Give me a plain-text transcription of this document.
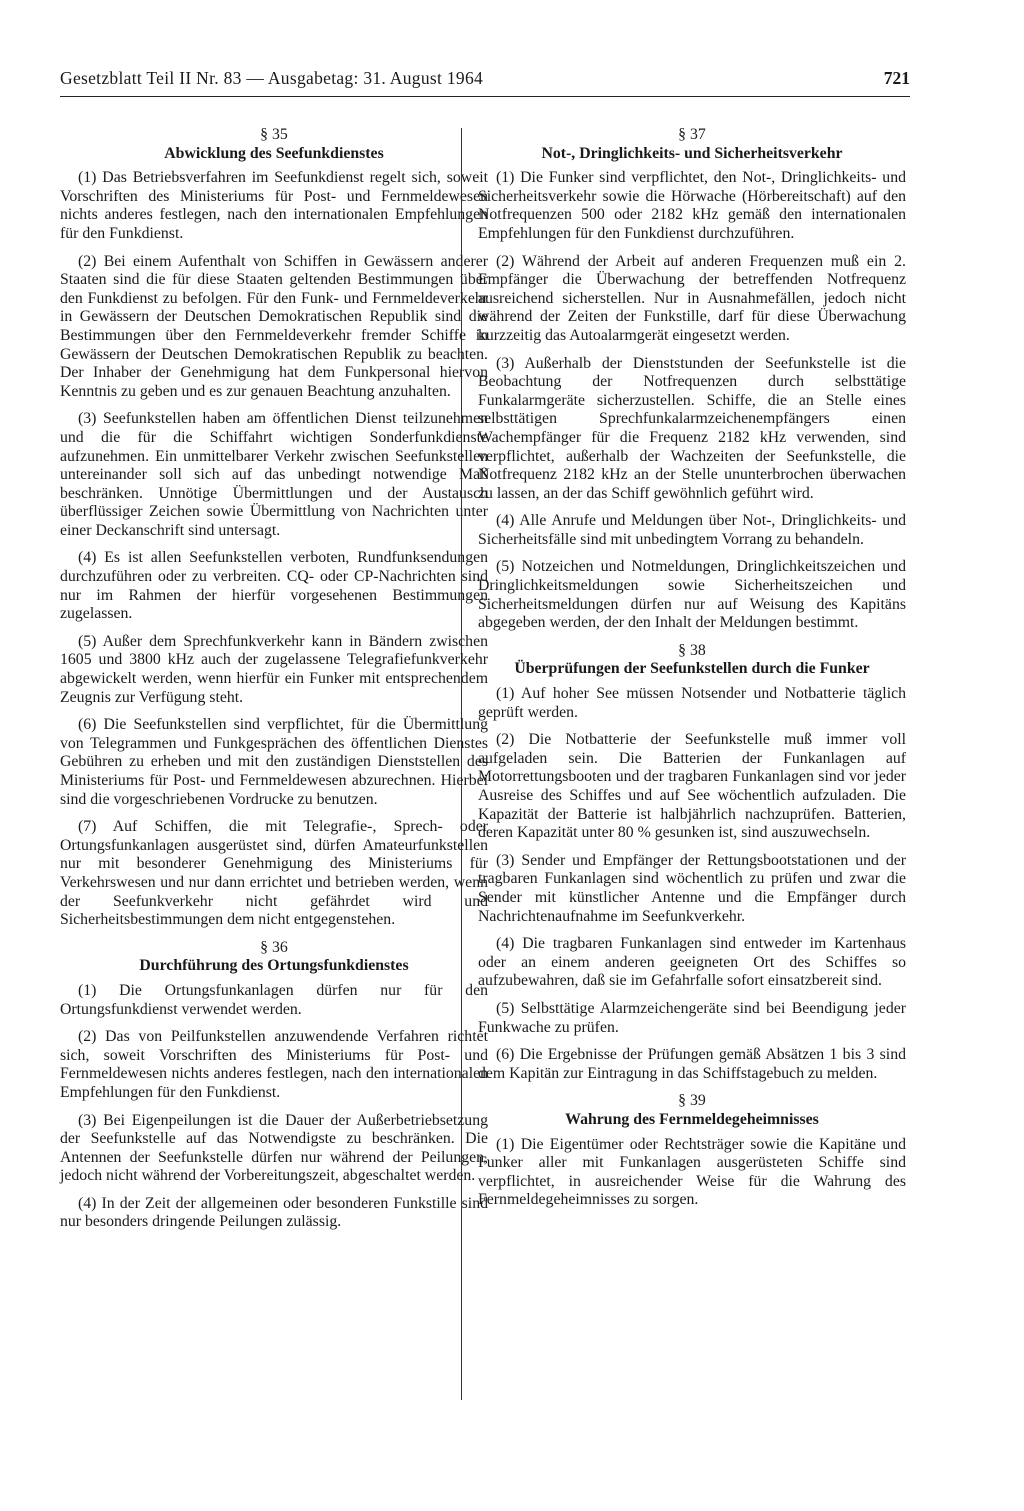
Gesetzblatt Teil II Nr. 83 — Ausgabetag: 31. August 1964	721

§ 35

Abwicklung des Seefunkdienstes

(1) Das Betriebsverfahren im Seefunkdienst regelt sich, soweit Vorschriften des Ministeriums für Post- und Fernmeldewesen nichts anderes festlegen, nach den internationalen Empfehlungen für den Funkdienst.

(2) Bei einem Aufenthalt von Schiffen in Gewässern anderer Staaten sind die für diese Staaten geltenden Bestimmungen über den Funkdienst zu befolgen. Für den Funk- und Fernmeldeverkehr in Gewässern der Deutschen Demokratischen Republik sind die Bestimmungen über den Fernmeldeverkehr fremder Schiffe in Gewässern der Deutschen Demokratischen Republik zu beachten. Der Inhaber der Genehmigung hat dem Funkpersonal hiervon Kenntnis zu geben und es zur genauen Beachtung anzuhalten.

(3) Seefunkstellen haben am öffentlichen Dienst teilzunehmen und die für die Schiffahrt wichtigen Sonderfunkdienste aufzunehmen. Ein unmittelbarer Verkehr zwischen Seefunkstellen untereinander soll sich auf das unbedingt notwendige Maß beschränken. Unnötige Übermittlungen und der Austausch überflüssiger Zeichen sowie Übermittlung von Nachrichten unter einer Deckanschrift sind untersagt.

(4) Es ist allen Seefunkstellen verboten, Rundfunksendungen durchzuführen oder zu verbreiten. CQ- oder CP-Nachrichten sind nur im Rahmen der hierfür vorgesehenen Bestimmungen zugelassen.

(5) Außer dem Sprechfunkverkehr kann in Bändern zwischen 1605 und 3800 kHz auch der zugelassene Telegrafiefunkverkehr abgewickelt werden, wenn hierfür ein Funker mit entsprechendem Zeugnis zur Verfügung steht.

(6) Die Seefunkstellen sind verpflichtet, für die Übermittlung von Telegrammen und Funkgesprächen des öffentlichen Dienstes Gebühren zu erheben und mit den zuständigen Dienststellen des Ministeriums für Post- und Fernmeldewesen abzurechnen. Hierbei sind die vorgeschriebenen Vordrucke zu benutzen.

(7) Auf Schiffen, die mit Telegrafie-, Sprech- oder Ortungsfunkanlagen ausgerüstet sind, dürfen Amateurfunkstellen nur mit besonderer Genehmigung des Ministeriums für Verkehrswesen und nur dann errichtet und betrieben werden, wenn der Seefunkverkehr nicht gefährdet wird und Sicherheitsbestimmungen dem nicht entgegenstehen.

§ 36

Durchführung des Ortungsfunkdienstes

(1) Die Ortungsfunkanlagen dürfen nur für den Ortungsfunkdienst verwendet werden.

(2) Das von Peilfunkstellen anzuwendende Verfahren richtet sich, soweit Vorschriften des Ministeriums für Post- und Fernmeldewesen nichts anderes festlegen, nach den internationalen Empfehlungen für den Funkdienst.

(3) Bei Eigenpeilungen ist die Dauer der Außerbetriebsetzung der Seefunkstelle auf das Notwendigste zu beschränken. Die Antennen der Seefunkstelle dürfen nur während der Peilungen, jedoch nicht während der Vorbereitungszeit, abgeschaltet werden.

(4) In der Zeit der allgemeinen oder besonderen Funkstille sind nur besonders dringende Peilungen zulässig.

§ 37

Not-, Dringlichkeits- und Sicherheitsverkehr

(1) Die Funker sind verpflichtet, den Not-, Dringlichkeits- und Sicherheitsverkehr sowie die Hörwache (Hörbereitschaft) auf den Notfrequenzen 500 oder 2182 kHz gemäß den internationalen Empfehlungen für den Funkdienst durchzuführen.

(2) Während der Arbeit auf anderen Frequenzen muß ein 2. Empfänger die Überwachung der betreffenden Notfrequenz ausreichend sicherstellen. Nur in Ausnahmefällen, jedoch nicht während der Zeiten der Funkstille, darf für diese Überwachung kurzzeitig das Autoalarmgerät eingesetzt werden.

(3) Außerhalb der Dienststunden der Seefunkstelle ist die Beobachtung der Notfrequenzen durch selbsttätige Funkalarmgeräte sicherzustellen. Schiffe, die an Stelle eines selbsttätigen Sprechfunkalarmzeichenempfängers einen Wachempfänger für die Frequenz 2182 kHz verwenden, sind verpflichtet, außerhalb der Wachzeiten der Seefunkstelle, die Notfrequenz 2182 kHz an der Stelle ununterbrochen überwachen zu lassen, an der das Schiff gewöhnlich geführt wird.

(4) Alle Anrufe und Meldungen über Not-, Dringlichkeits- und Sicherheitsfälle sind mit unbedingtem Vorrang zu behandeln.

(5) Notzeichen und Notmeldungen, Dringlichkeitszeichen und Dringlichkeitsmeldungen sowie Sicherheitszeichen und Sicherheitsmeldungen dürfen nur auf Weisung des Kapitäns abgegeben werden, der den Inhalt der Meldungen bestimmt.

§ 38

Überprüfungen der Seefunkstellen durch die Funker

(1) Auf hoher See müssen Notsender und Notbatterie täglich geprüft werden.

(2) Die Notbatterie der Seefunkstelle muß immer voll aufgeladen sein. Die Batterien der Funkanlagen auf Motorrettungsbooten und der tragbaren Funkanlagen sind vor jeder Ausreise des Schiffes und auf See wöchentlich aufzuladen. Die Kapazität der Batterie ist halbjährlich nachzuprüfen. Batterien, deren Kapazität unter 80 % gesunken ist, sind auszuwechseln.

(3) Sender und Empfänger der Rettungsbootstationen und der tragbaren Funkanlagen sind wöchentlich zu prüfen und zwar die Sender mit künstlicher Antenne und die Empfänger durch Nachrichtenaufnahme im Seefunkverkehr.

(4) Die tragbaren Funkanlagen sind entweder im Kartenhaus oder an einem anderen geeigneten Ort des Schiffes so aufzubewahren, daß sie im Gefahrfalle sofort einsatzbereit sind.

(5) Selbsttätige Alarmzeichengeräte sind bei Beendigung jeder Funkwache zu prüfen.

(6) Die Ergebnisse der Prüfungen gemäß Absätzen 1 bis 3 sind dem Kapitän zur Eintragung in das Schiffstagebuch zu melden.

§ 39

Wahrung des Fernmeldegeheimnisses

(1) Die Eigentümer oder Rechtsträger sowie die Kapitäne und Funker aller mit Funkanlagen ausgerüsteten Schiffe sind verpflichtet, in ausreichender Weise für die Wahrung des Fernmeldegeheimnisses zu sorgen.
